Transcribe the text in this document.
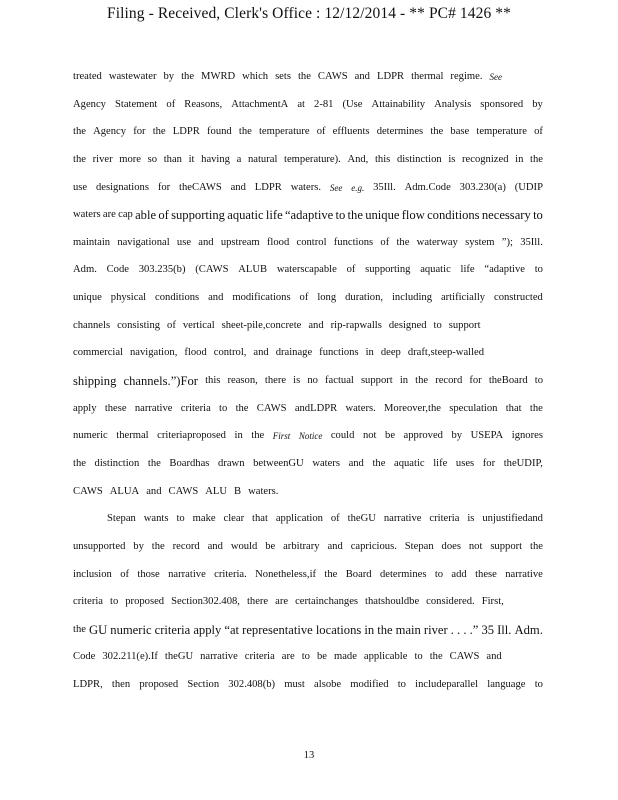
Filing - Received, Clerk's Office : 12/12/2014 - ** PC# 1426 **
treated wastewater by the MWRD which sets the CAWS and LDPR thermal regime. See
Agency Statement of Reasons, AttachmentA at 2-81 (Use Attainability Analysis sponsored by
the Agency for the LDPR found the temperature of effluents determines the base temperature of
the river more so than it having a natural temperature). And, this distinction is recognized in the
use designations for theCAWS and LDPR waters. See e.g. 35Ill. Adm.Code 303.230(a) (UDIP
waters are cap able of supporting aquatic life “adaptive to the unique flow conditions necessary to
maintain navigational use and upstream flood control functions of the waterway system ”); 35Ill.
Adm. Code 303.235(b) (CAWS ALUB waterscapable of supporting aquatic life “adaptive to
unique physical conditions and modifications of long duration, including artificially constructed
channels consisting of vertical sheet-pile,concrete and rip-rapwalls designed to support
commercial navigation, flood control, and drainage functions in deep draft,steep-walled
shipping channels.”)For this reason, there is no factual support in the record for theBoard to
apply these narrative criteria to the CAWS andLDPR waters. Moreover,the speculation that the
numeric thermal criteriaproposed in the First Notice could not be approved by USEPA ignores
the distinction the Boardhas drawn betweenGU waters and the aquatic life uses for theUDIP,
CAWS ALUA and CAWS ALU B waters.
Stepan wants to make clear that application of theGU narrative criteria is unjustifiedand
unsupported by the record and would be arbitrary and capricious. Stepan does not support the
inclusion of those narrative criteria. Nonetheless,if the Board determines to add these narrative
criteria to proposed Section302.408, there are certainchanges thatshouldbe considered. First,
the GU numeric criteria apply “at representative locations in the main river . . . .” 35 Ill. Adm.
Code 302.211(e).If theGU narrative criteria are to be made applicable to the CAWS and
LDPR, then proposed Section 302.408(b) must alsobe modified to includeparallel language to
13
